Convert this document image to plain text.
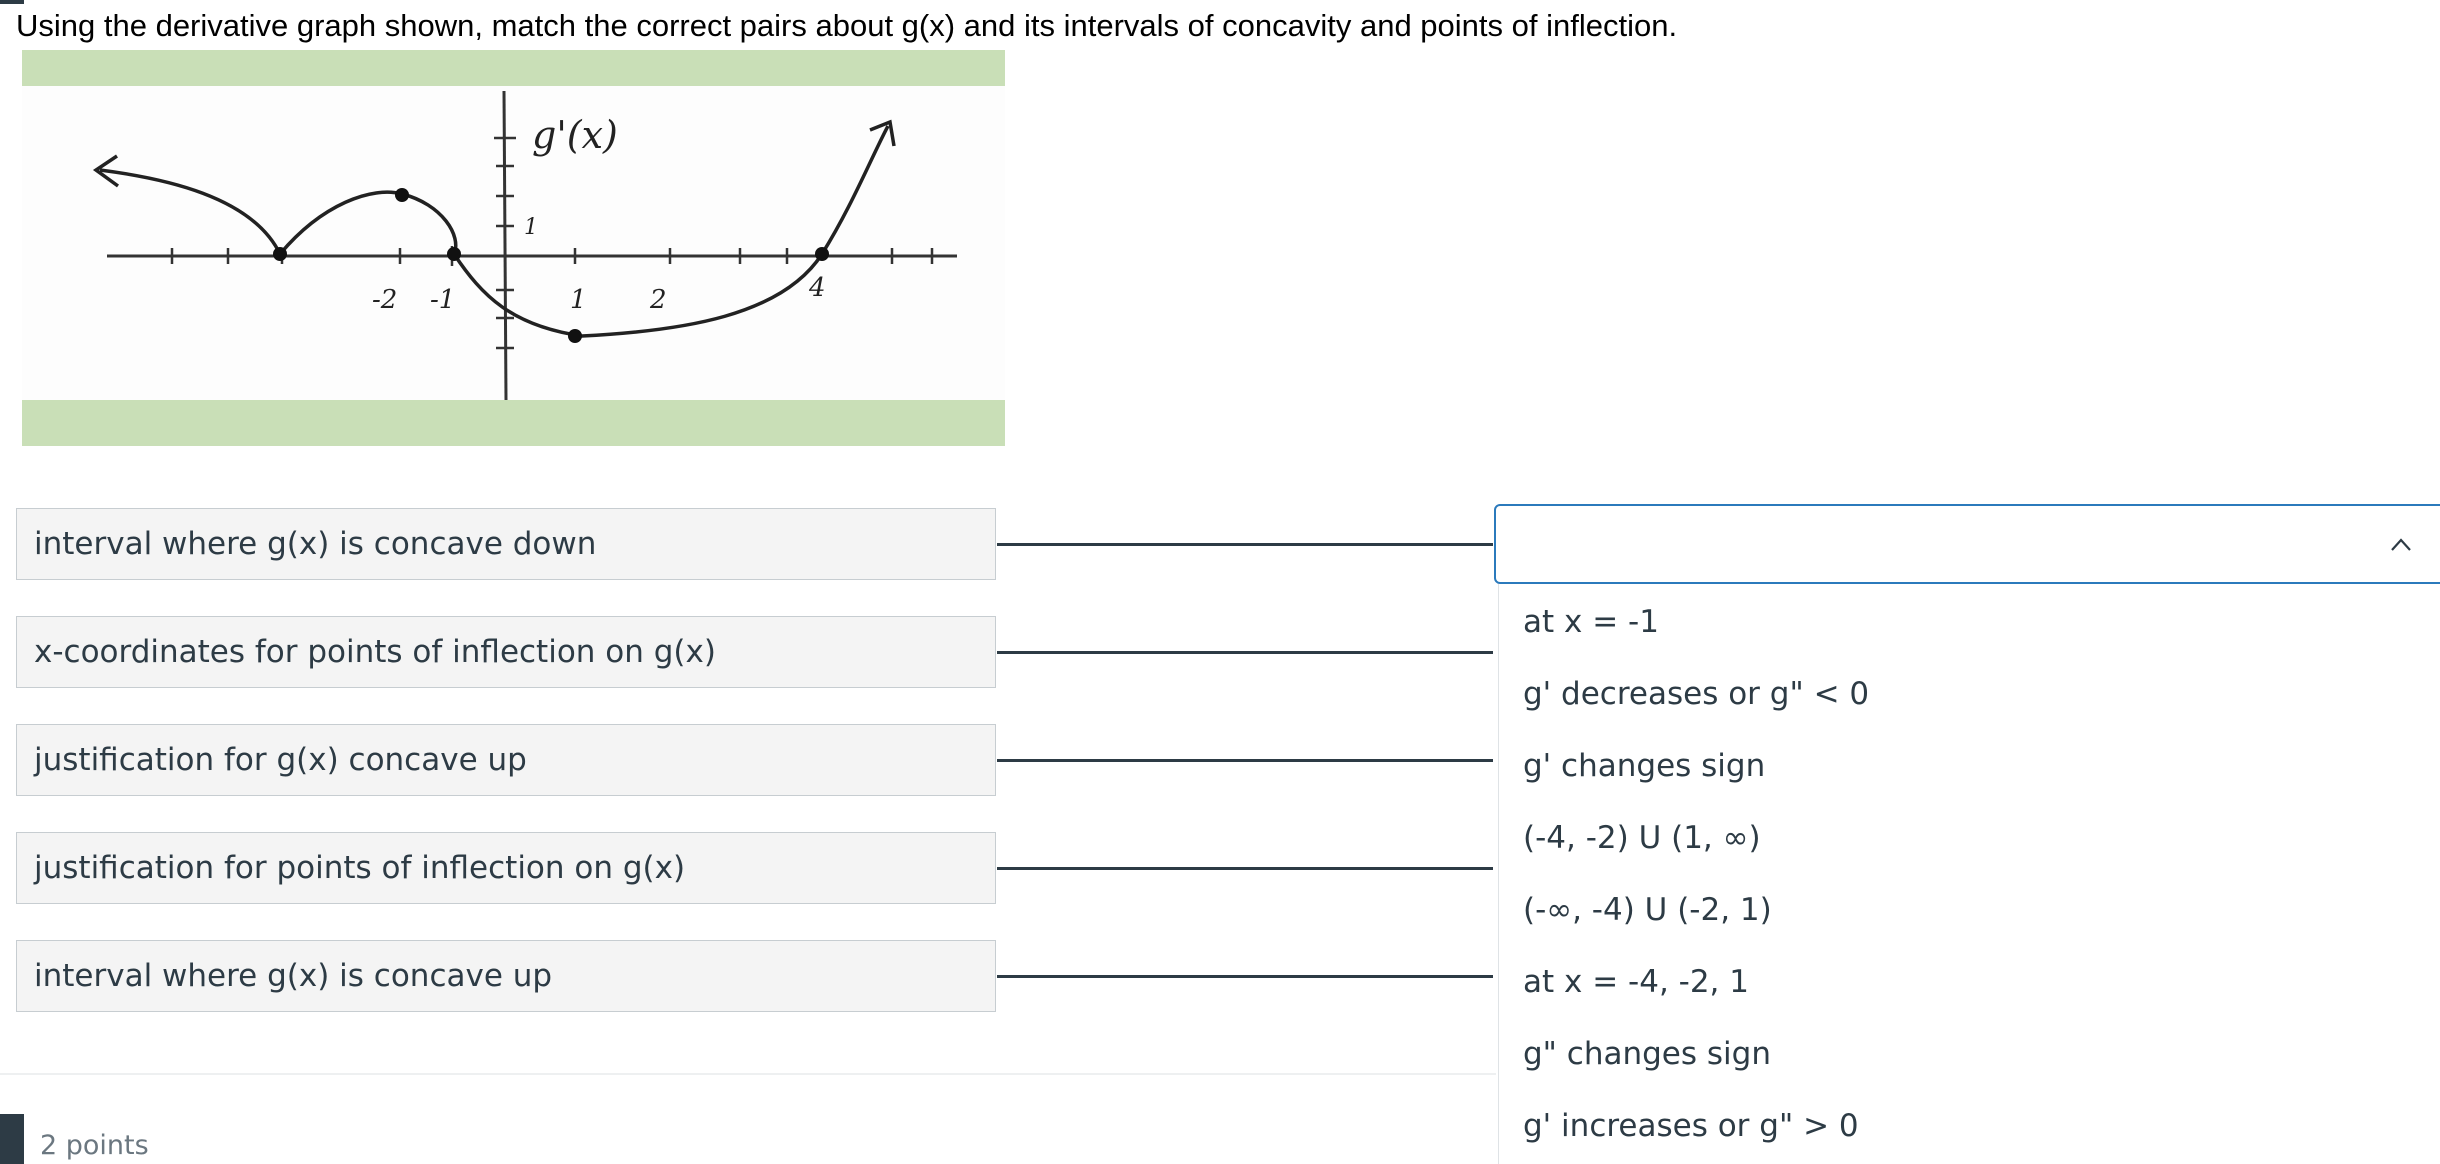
Using the derivative graph shown, match the correct pairs about g(x) and its intervals of concavity and points of inflection.
g'(x)
1
-2 -1	1 2	4
interval where g(x) is concave down
x-coordinates for points of inflection on g(x)
justification for g(x) concave up
justification for points of inflection on g(x)
interval where g(x) is concave up
at x = -1
g' decreases or g" < 0
g' changes sign
(-4, -2) U (1, ∞)
(-∞, -4) U (-2, 1)
at x = -4, -2, 1
g" changes sign
g' increases or g" > 0
2 points
